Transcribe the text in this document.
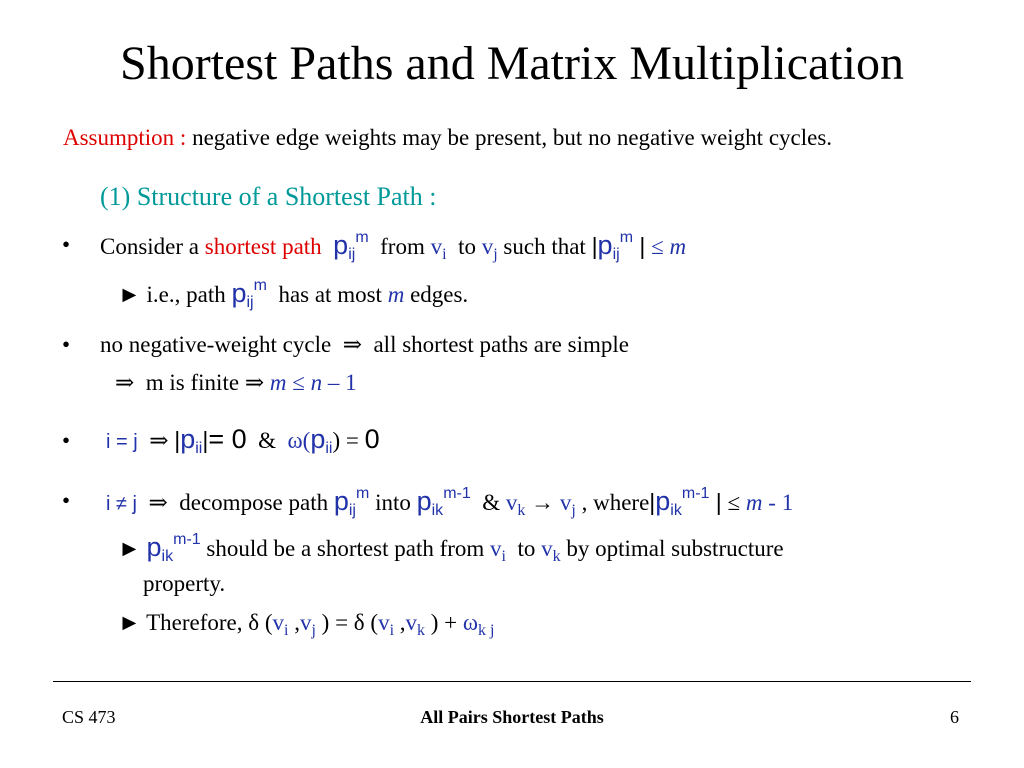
Shortest Paths and Matrix Multiplication
Assumption : negative edge weights may be present, but no negative weight cycles.
(1) Structure of a Shortest Path :
• Consider a shortest path $p_{ij}^m$ from $v_i$ to $v_j$ such that $|p_{ij}^m$ | ≤ m
► i.e., path $p_{ij}^m$ has at most m edges.
• no negative-weight cycle ⇒ all shortest paths are simple
⇒ m is finite ⇒ m ≤ n – 1
• i = j ⇒ $|p_{ii}|= 0$ & $\omega(p_{ii}) = 0$
• i ≠ j ⇒ decompose path $p_{ij}^m$ into $p_{ik}^{m-1}$ & $v_k \to v_j$ , $where|p_{ik}^{m-1}$ | ≤ m - 1
► $p_{ik}^{m-1}$ should be a shortest path from $v_i$ to $v_k$ by optimal substructure
property.
► Therefore, δ ($v_i$ $,v_j$ ) = δ ($v_i$ $,v_k$ ) + $\omega_{k j}$
CS 473	All Pairs Shortest Paths	6
